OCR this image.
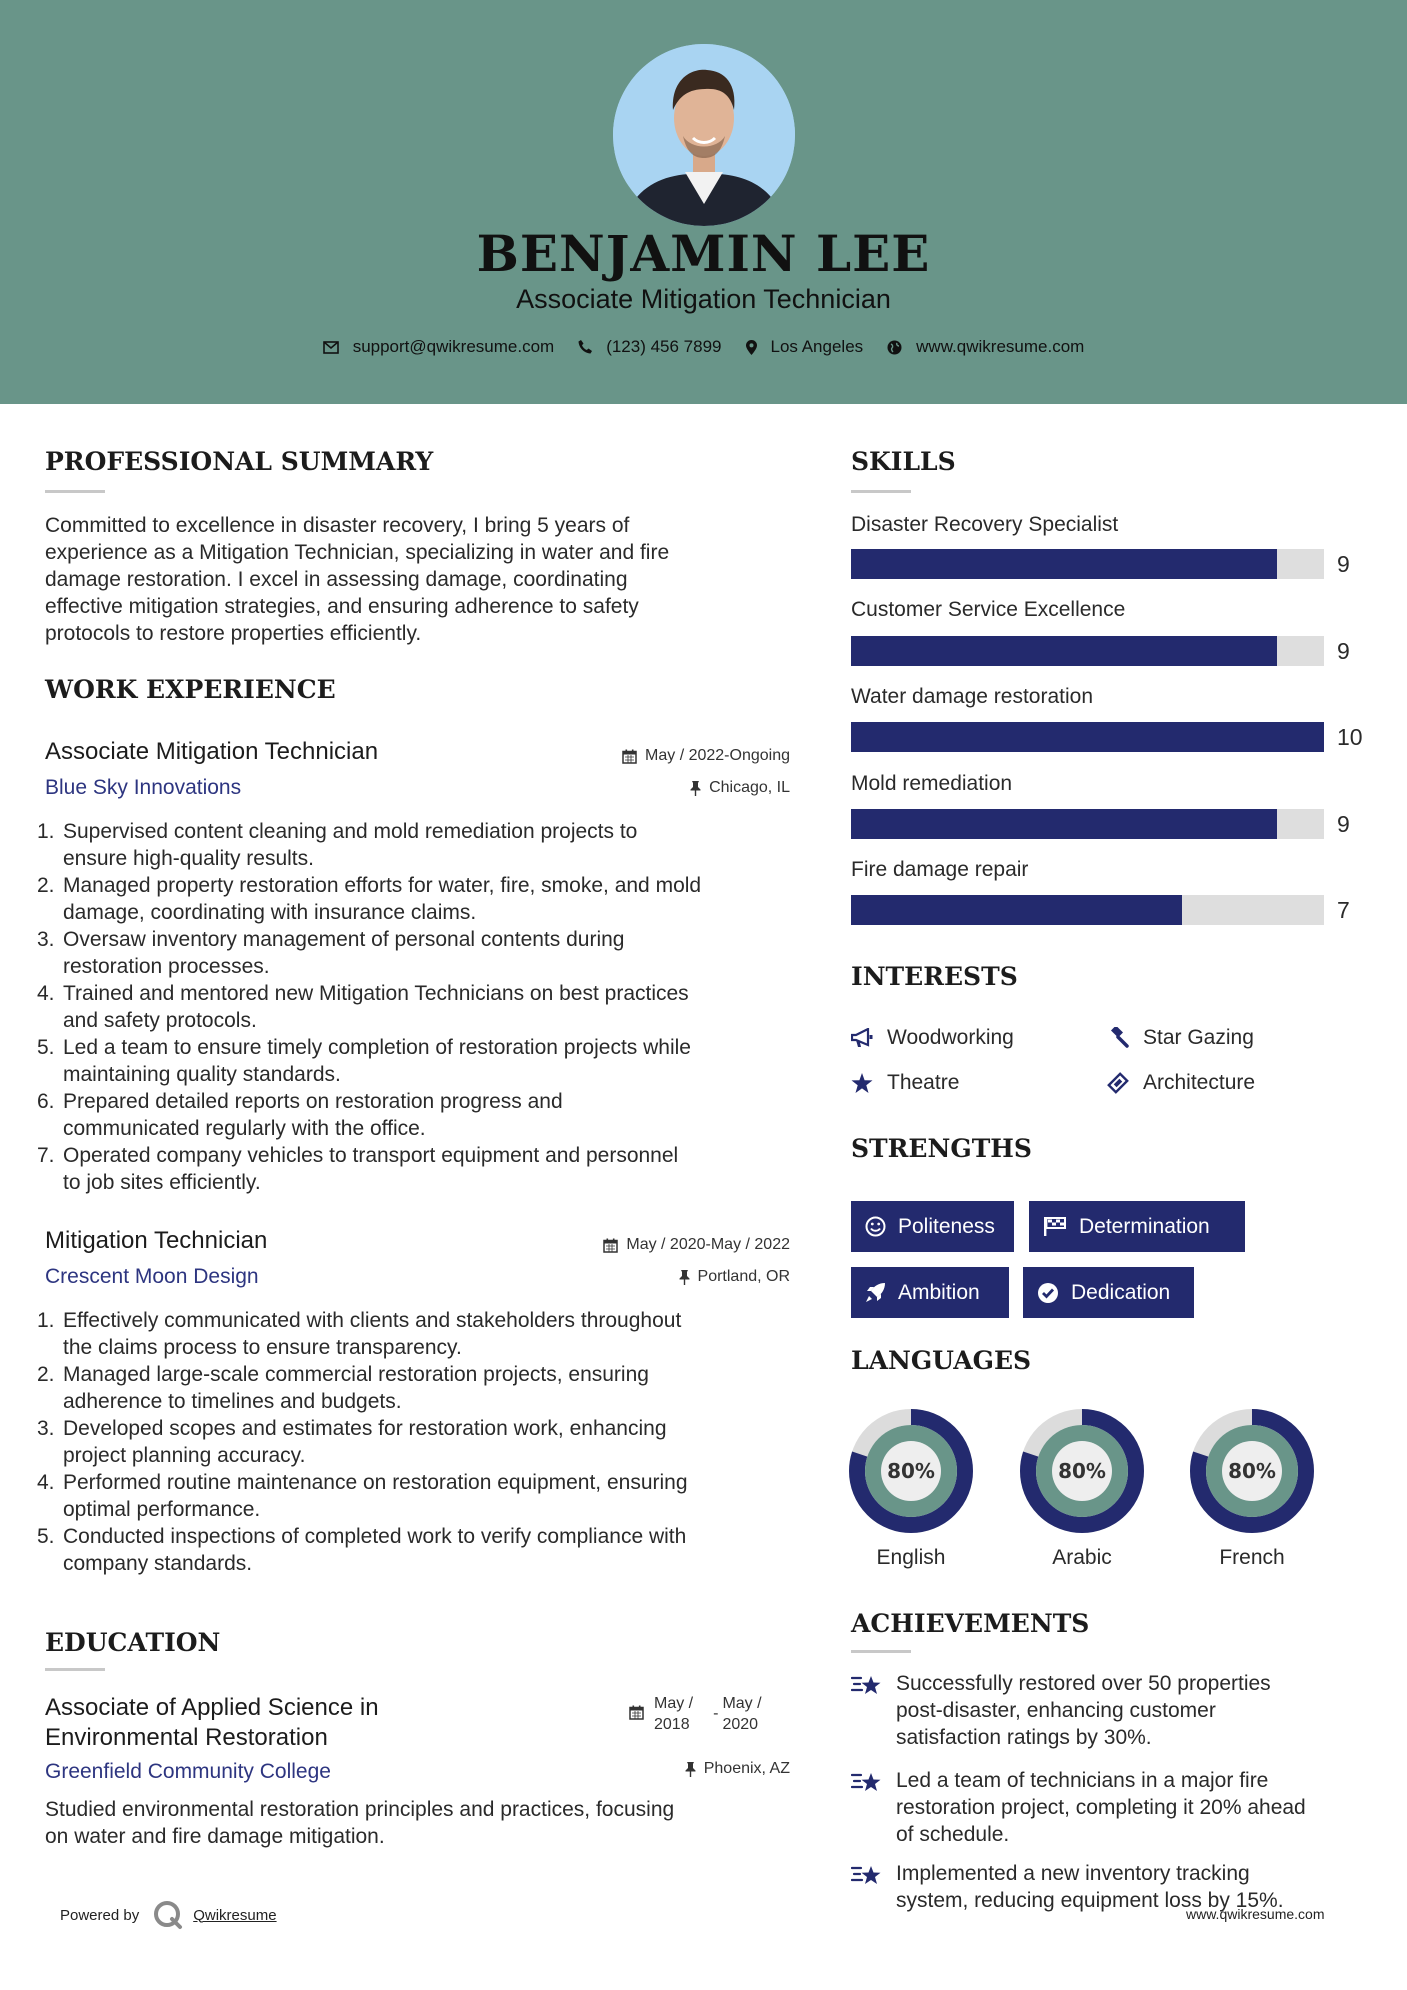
BENJAMIN LEE
Associate Mitigation Technician
support@qwikresume.com	(123) 456 7899	Los Angeles	www.qwikresume.com
PROFESSIONAL SUMMARY
Committed to excellence in disaster recovery, I bring 5 years of
experience as a Mitigation Technician, specializing in water and fire
damage restoration. I excel in assessing damage, coordinating
effective mitigation strategies, and ensuring adherence to safety
protocols to restore properties efficiently.
WORK EXPERIENCE
Associate Mitigation Technician
Blue Sky Innovations
May / 2022-Ongoing
Chicago, IL
1. Supervised content cleaning and mold remediation projects to
ensure high-quality results.
2. Managed property restoration efforts for water, fire, smoke, and mold
damage, coordinating with insurance claims.
3. Oversaw inventory management of personal contents during
restoration processes.
4. Trained and mentored new Mitigation Technicians on best practices
and safety protocols.
5. Led a team to ensure timely completion of restoration projects while
maintaining quality standards.
6. Prepared detailed reports on restoration progress and
communicated regularly with the office.
7. Operated company vehicles to transport equipment and personnel
to job sites efficiently.
Mitigation Technician
Crescent Moon Design
May / 2020-May / 2022
Portland, OR
1. Effectively communicated with clients and stakeholders throughout
the claims process to ensure transparency.
2. Managed large-scale commercial restoration projects, ensuring
adherence to timelines and budgets.
3. Developed scopes and estimates for restoration work, enhancing
project planning accuracy.
4. Performed routine maintenance on restoration equipment, ensuring
optimal performance.
5. Conducted inspections of completed work to verify compliance with
company standards.
EDUCATION
Associate of Applied Science in
Environmental Restoration
May /
2018
-
May /
2020
Greenfield Community College	Phoenix, AZ
Studied environmental restoration principles and practices, focusing
on water and fire damage mitigation.
SKILLS
Disaster Recovery Specialist
9
Customer Service Excellence
9
Water damage restoration
10
Mold remediation
9
Fire damage repair
7
INTERESTS
Woodworking	Star Gazing
Theatre	Architecture
STRENGTHS
Politeness	Determination
Ambition	Dedication
LANGUAGES
80%
English
80%
Arabic
80%
French
ACHIEVEMENTS
Successfully restored over 50 properties
post-disaster, enhancing customer
satisfaction ratings by 30%.
Led a team of technicians in a major fire
restoration project, completing it 20% ahead
of schedule.
Implemented a new inventory tracking
system, reducing equipment loss by 15%.
Powered by	Qwikresume	www.qwikresume.com
